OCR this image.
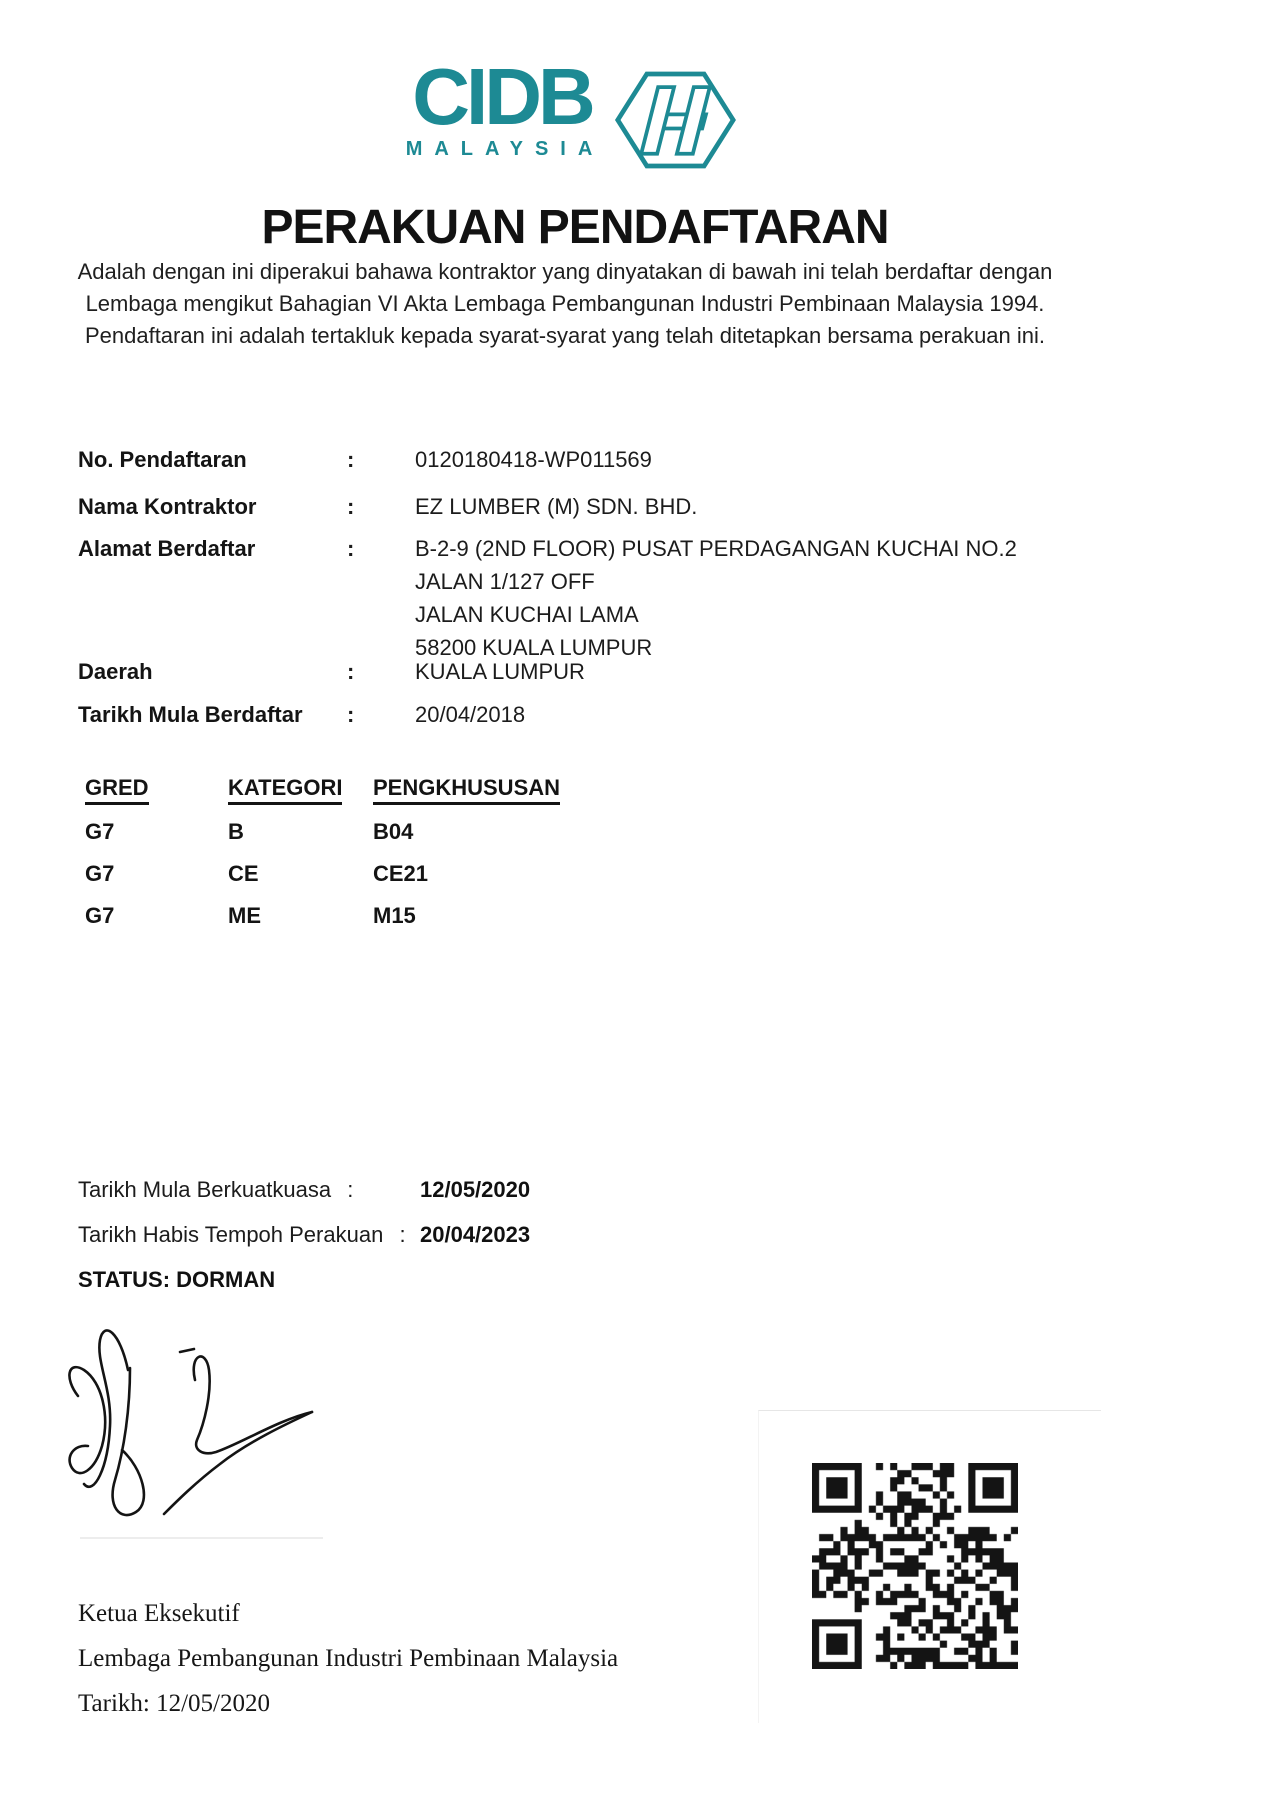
CIDB
MALAYSIA
PERAKUAN PENDAFTARAN
Adalah dengan ini diperakui bahawa kontraktor yang dinyatakan di bawah ini telah berdaftar dengan
Lembaga mengikut Bahagian VI Akta Lembaga Pembangunan Industri Pembinaan Malaysia 1994.
Pendaftaran ini adalah tertakluk kepada syarat-syarat yang telah ditetapkan bersama perakuan ini.
No. Pendaftaran	:	0120180418-WP011569
Nama Kontraktor	:	EZ LUMBER (M) SDN. BHD.
Alamat Berdaftar	:	B-2-9 (2ND FLOOR) PUSAT PERDAGANGAN KUCHAI NO.2 JALAN 1/127 OFF
JALAN KUCHAI LAMA
58200 KUALA LUMPUR
Daerah	:	KUALA LUMPUR
Tarikh Mula Berdaftar	:	20/04/2018
GRED	KATEGORI	PENGKHUSUSAN
G7	B	B04
G7	CE	CE21
G7	ME	M15
Tarikh Mula Berkuatkuasa :	12/05/2020
Tarikh Habis Tempoh Perakuan : 20/04/2023
STATUS: DORMAN
Ketua Eksekutif
Lembaga Pembangunan Industri Pembinaan Malaysia
Tarikh: 12/05/2020
